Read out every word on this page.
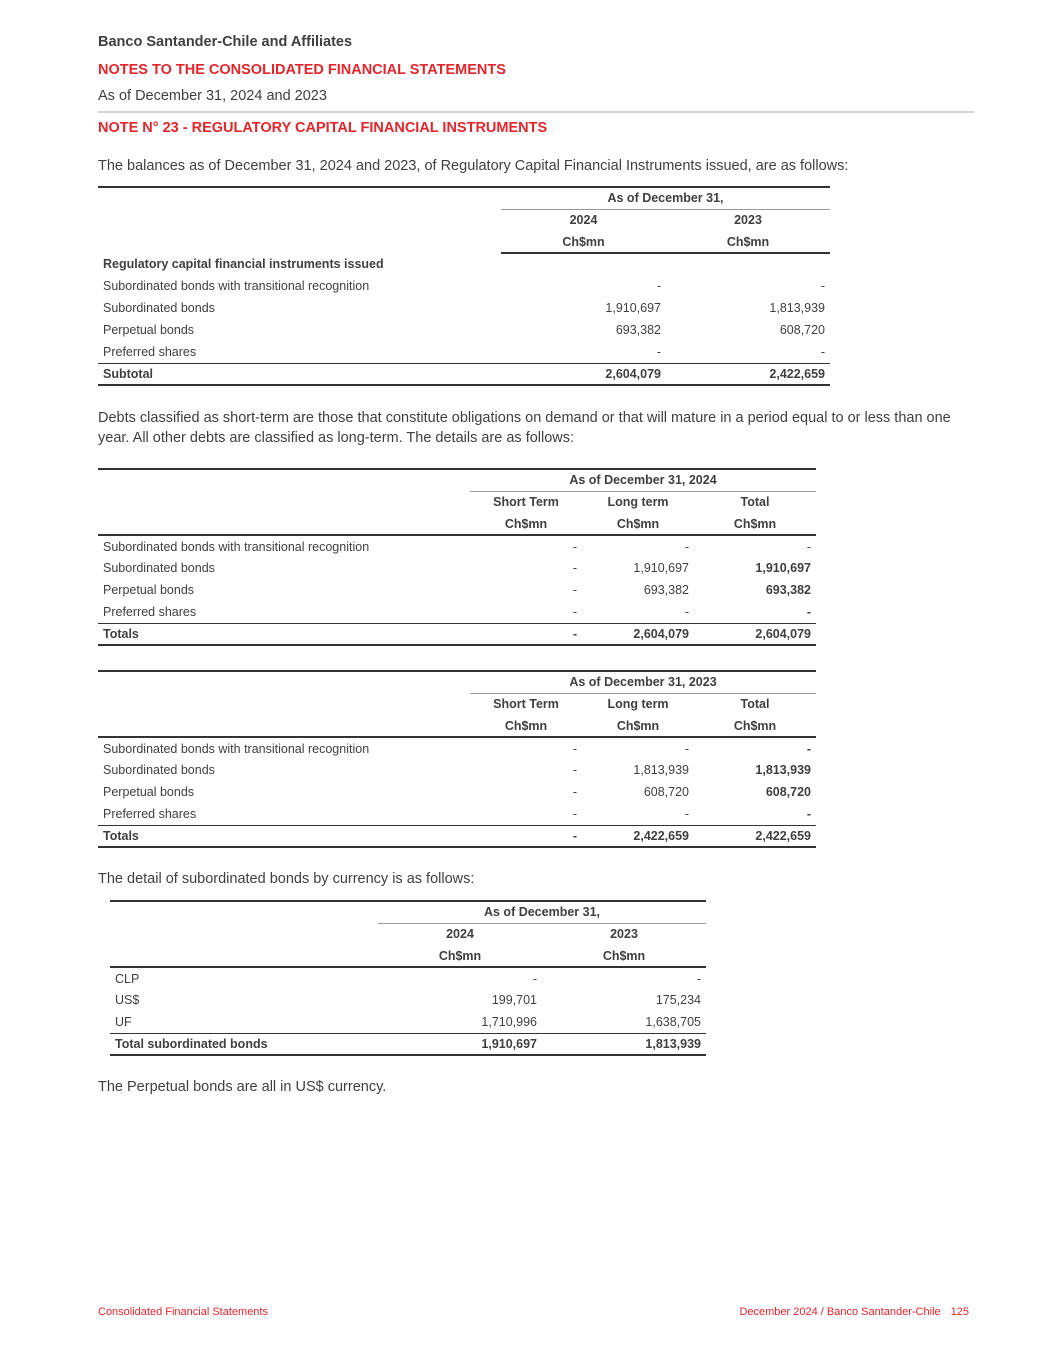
Banco Santander-Chile and Affiliates
NOTES TO THE CONSOLIDATED FINANCIAL STATEMENTS
As of December 31, 2024 and 2023
NOTE N° 23 - REGULATORY CAPITAL FINANCIAL INSTRUMENTS
The balances as of December 31, 2024 and 2023, of Regulatory Capital Financial Instruments issued, are as follows:
	As of December 31,	
	2024	2023
	Ch$mn	Ch$mn
Regulatory capital financial instruments issued		
Subordinated bonds with transitional recognition	-	-
Subordinated bonds	1,910,697	1,813,939
Perpetual bonds	693,382	608,720
Preferred shares	-	-
Subtotal	2,604,079	2,422,659
Debts classified as short-term are those that constitute obligations on demand or that will mature in a period equal to or less than one year. All other debts are classified as long-term. The details are as follows:
	As of December 31, 2024		
	Short Term	Long term	Total
	Ch$mn	Ch$mn	Ch$mn
Subordinated bonds with transitional recognition	-	-	-
Subordinated bonds	-	1,910,697	1,910,697
Perpetual bonds	-	693,382	693,382
Preferred shares	-	-	-
Totals	-	2,604,079	2,604,079
	As of December 31, 2023		
	Short Term	Long term	Total
	Ch$mn	Ch$mn	Ch$mn
Subordinated bonds with transitional recognition	-	-	-
Subordinated bonds	-	1,813,939	1,813,939
Perpetual bonds	-	608,720	608,720
Preferred shares	-	-	-
Totals	-	2,422,659	2,422,659
The detail of subordinated bonds by currency is as follows:
	As of December 31,	
	2024	2023
	Ch$mn	Ch$mn
CLP	-	-
US$	199,701	175,234
UF	1,710,996	1,638,705
Total subordinated bonds	1,910,697	1,813,939
The Perpetual bonds are all in US$ currency.
Consolidated Financial Statements	December 2024 / Banco Santander-Chile 125
